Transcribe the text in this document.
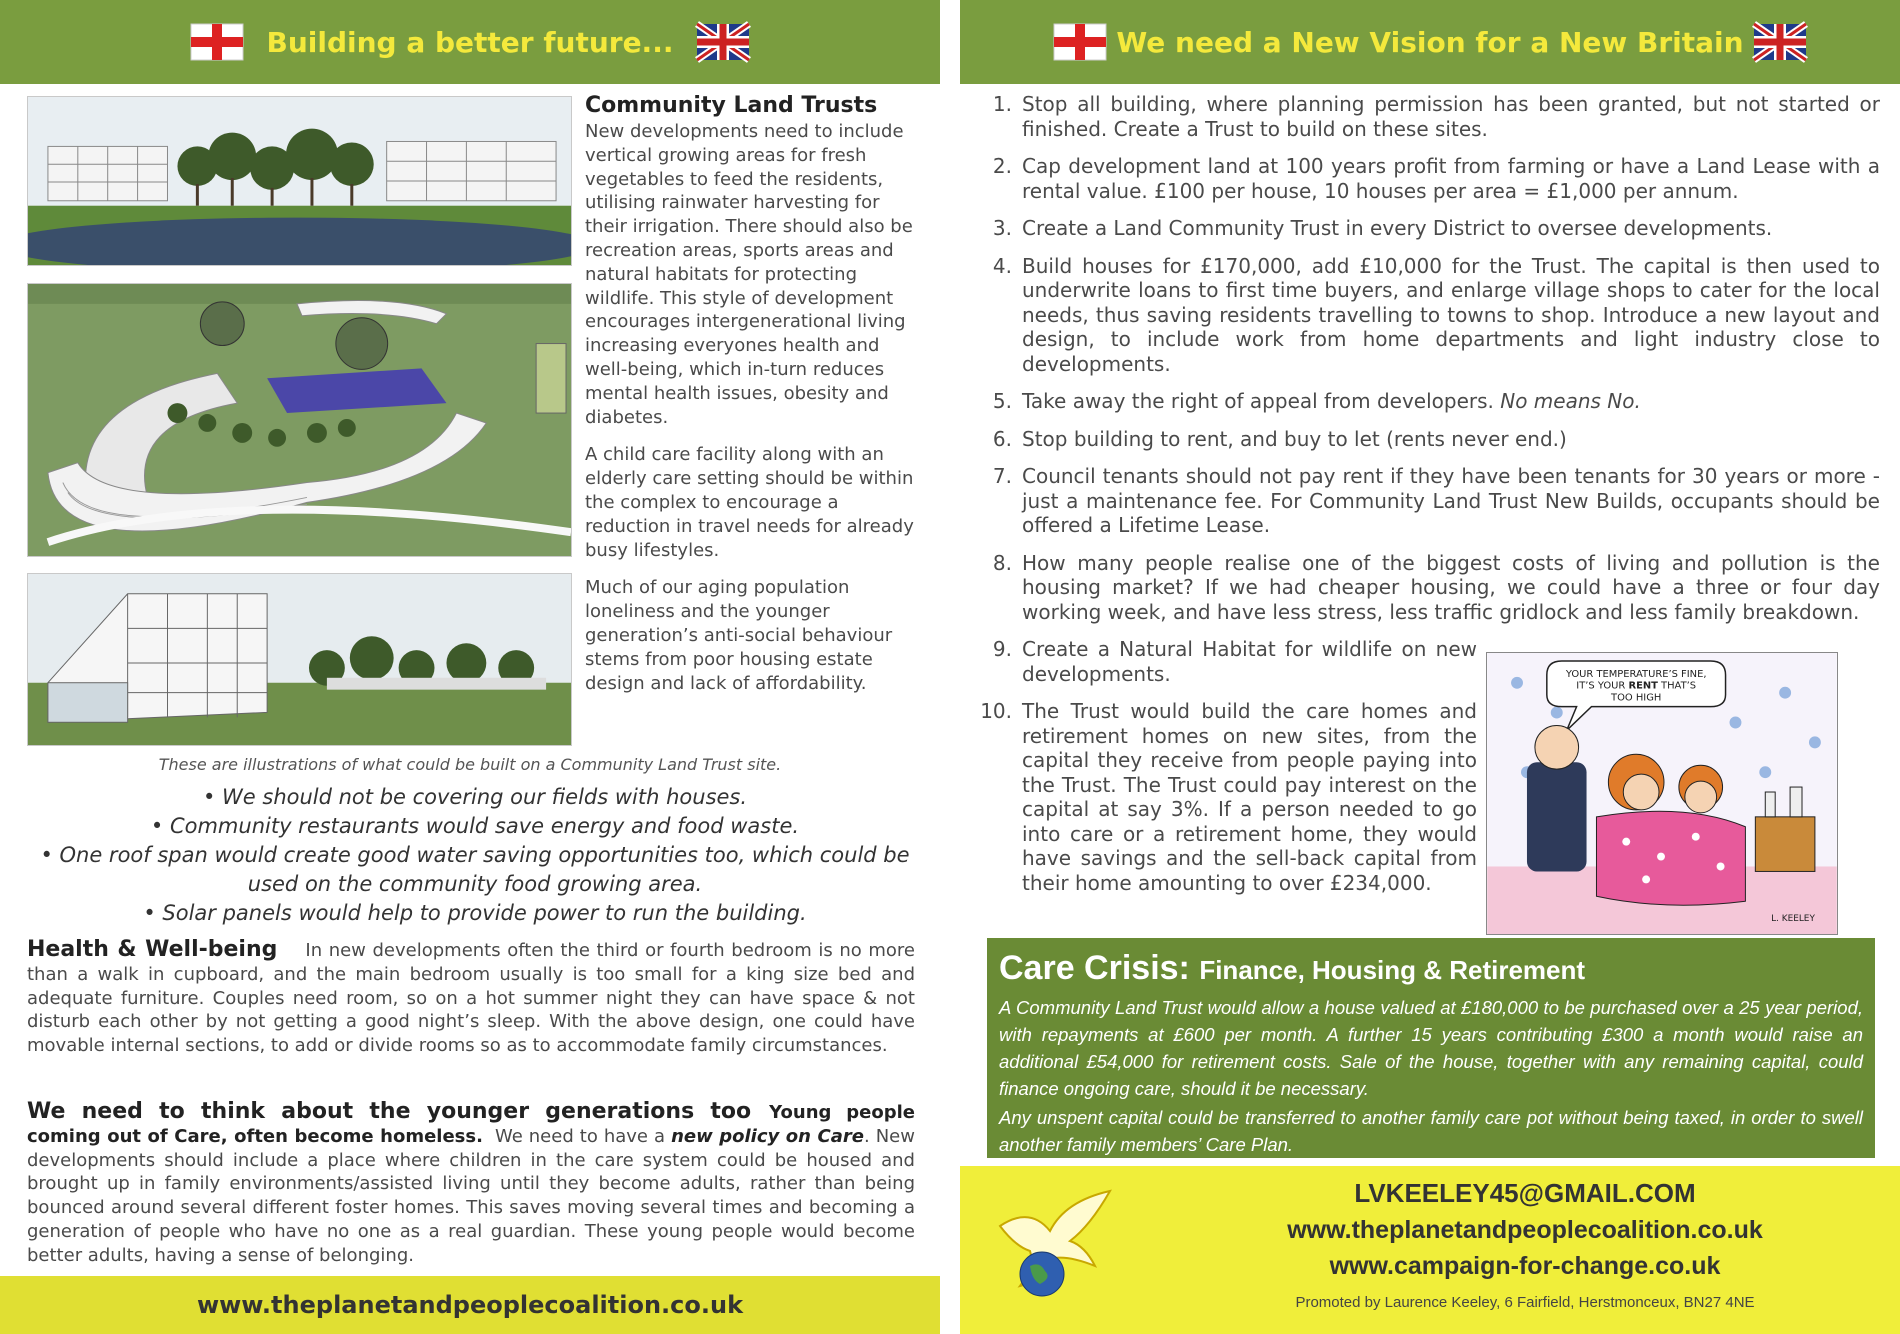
Building a better future...
Community Land Trusts

New developments need to include vertical growing areas for fresh vegetables to feed the residents, utilising rainwater harvesting for their irrigation. There should also be recreation areas, sports areas and natural habitats for protecting wildlife. This style of development encourages intergenerational living increasing everyones health and well-being, which in-turn reduces mental health issues, obesity and diabetes.

A child care facility along with an elderly care setting should be within the complex to encourage a reduction in travel needs for already busy lifestyles.

Much of our aging population loneliness and the younger generation’s anti-social behaviour stems from poor housing estate design and lack of affordability.

These are illustrations of what could be built on a Community Land Trust site.
• We should not be covering our fields with houses.
• Community restaurants would save energy and food waste.
• One roof span would create good water saving opportunities too, which could be used on the community food growing area.
• Solar panels would help to provide power to run the building.
Health & Well-being In new developments often the third or fourth bedroom is no more than a walk in cupboard, and the main bedroom usually is too small for a king size bed and adequate furniture. Couples need room, so on a hot summer night they can have space & not disturb each other by not getting a good night’s sleep. With the above design, one could have movable internal sections, to add or divide rooms so as to accommodate family circumstances.
We need to think about the younger generations too Young people coming out of Care, often become homeless. We need to have a new policy on Care. New developments should include a place where children in the care system could be housed and brought up in family environments/assisted living until they become adults, rather than being bounced around several different foster homes. This saves moving several times and becoming a generation of people who have no one as a real guardian. These young people would become better adults, having a sense of belonging.
www.theplanetandpeoplecoalition.co.uk
We need a New Vision for a New Britain
1. Stop all building, where planning permission has been granted, but not started or finished. Create a Trust to build on these sites.
2. Cap development land at 100 years profit from farming or have a Land Lease with a rental value. £100 per house, 10 houses per area = £1,000 per annum.
3. Create a Land Community Trust in every District to oversee developments.
4. Build houses for £170,000, add £10,000 for the Trust. The capital is then used to underwrite loans to first time buyers, and enlarge village shops to cater for the local needs, thus saving residents travelling to towns to shop. Introduce a new layout and design, to include work from home departments and light industry close to developments.
5. Take away the right of appeal from developers. No means No.
6. Stop building to rent, and buy to let (rents never end.)
7. Council tenants should not pay rent if they have been tenants for 30 years or more - just a maintenance fee. For Community Land Trust New Builds, occupants should be offered a Lifetime Lease.
8. How many people realise one of the biggest costs of living and pollution is the housing market? If we had cheaper housing, we could have a three or four day working week, and have less stress, less traffic gridlock and less family breakdown.
9. Create a Natural Habitat for wildlife on new developments.
10. The Trust would build the care homes and retirement homes on new sites, from the capital they receive from people paying into the Trust. The Trust could pay interest on the capital at say 3%. If a person needed to go into care or a retirement home, they would have savings and the sell-back capital from their home amounting to over £234,000.
YOUR TEMPERATURE’S FINE,
IT’S YOUR RENT THAT’S
TOO HIGH
L. KEELEY
Care Crisis: Finance, Housing & Retirement

A Community Land Trust would allow a house valued at £180,000 to be purchased over a 25 year period, with repayments at £600 per month. A further 15 years contributing £300 a month would raise an additional £54,000 for retirement costs. Sale of the house, together with any remaining capital, could finance ongoing care, should it be necessary.

Any unspent capital could be transferred to another family care pot without being taxed, in order to swell another family members’ Care Plan.

LVKEELEY45@GMAIL.COM
www.theplanetandpeoplecoalition.co.uk
www.campaign-for-change.co.uk
Promoted by Laurence Keeley, 6 Fairfield, Herstmonceux, BN27 4NE
